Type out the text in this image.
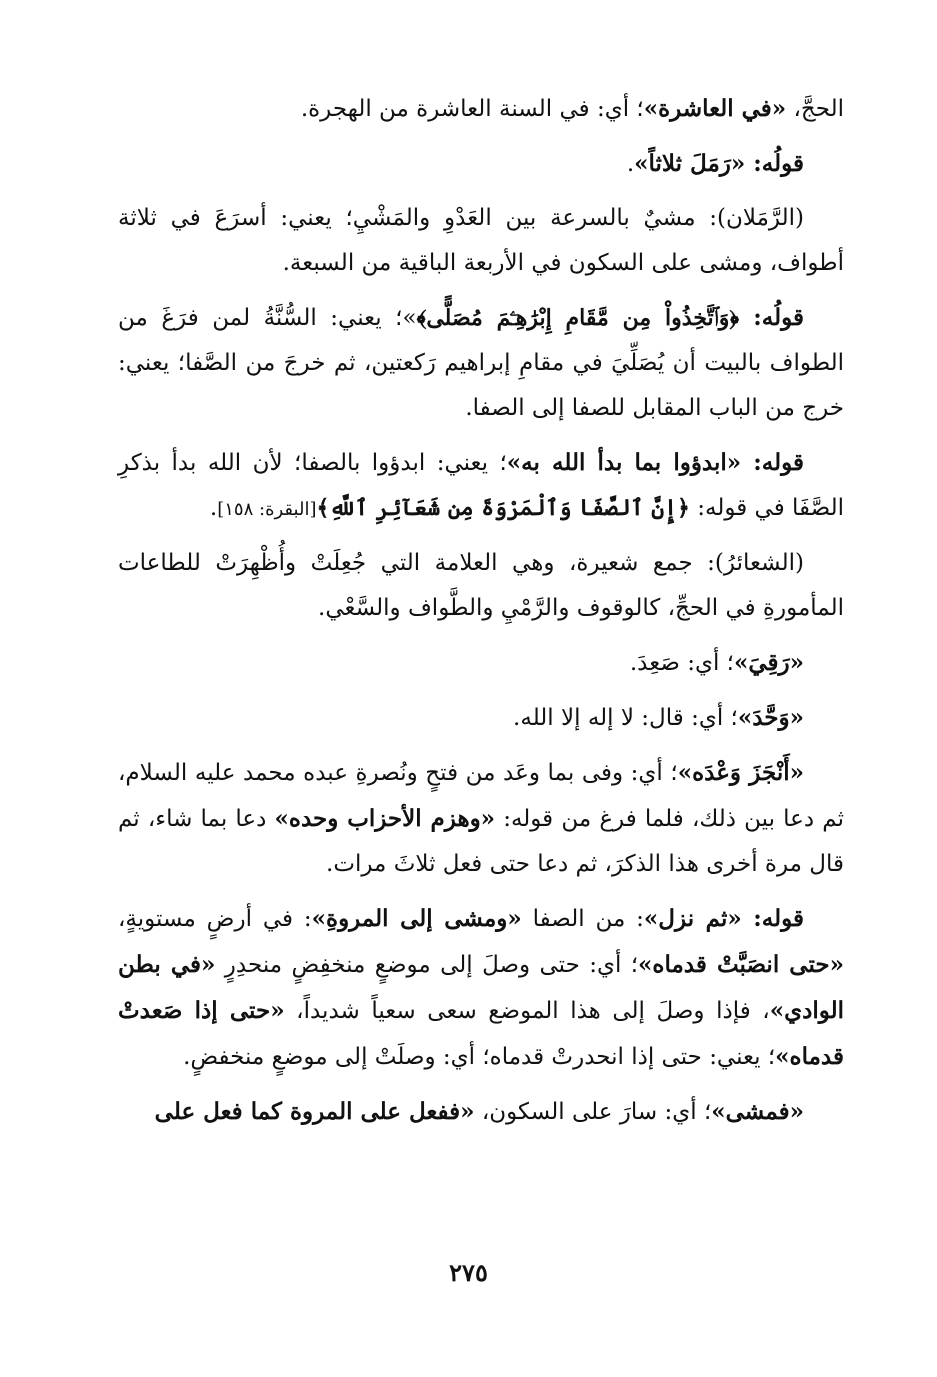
الحجَّ، «في العاشرة»؛ أي: في السنة العاشرة من الهجرة.

قولُه: «رَمَلَ ثلاثاً».

(الرَّمَلان): مشيٌ بالسرعة بين العَدْوِ والمَشْيِ؛ يعني: أسرَعَ في ثلاثة أطواف، ومشى على السكون في الأربعة الباقية من السبعة.

قولُه: ﴿وَٱتَّخِذُواْ مِن مَّقَامِ إِبْرَٰهِـۧمَ مُصَلًّى﴾»؛ يعني: السُّنَّةُ لمن فرَغَ من الطواف بالبيت أن يُصَلِّيَ في مقامِ إبراهيم رَكعتين، ثم خرجَ من الصَّفا؛ يعني: خرج من الباب المقابل للصفا إلى الصفا.

قوله: «ابدؤوا بما بدأ الله به»؛ يعني: ابدؤوا بالصفا؛ لأن الله بدأ بذكرِ الصَّفَا في قوله: ﴿إِنَّ ٱلصَّفَا وَٱلْمَرْوَةَ مِن شَعَآئِرِ ٱللَّهِ﴾[البقرة: ١٥٨].

(الشعائرُ): جمع شعيرة، وهي العلامة التي جُعِلَتْ وأُظْهِرَتْ للطاعات المأمورةِ في الحجِّ، كالوقوف والرَّمْيِ والطَّواف والسَّعْي.

«رَقِيَ»؛ أي: صَعِدَ.

«وَحَّدَ»؛ أي: قال: لا إله إلا الله.

«أَنْجَزَ وَعْدَه»؛ أي: وفى بما وعَد من فتحٍ ونُصرةِ عبده محمد عليه السلام، ثم دعا بين ذلك، فلما فرغ من قوله: «وهزم الأحزاب وحده» دعا بما شاء، ثم قال مرة أخرى هذا الذكرَ، ثم دعا حتى فعل ثلاثَ مرات.

قوله: «ثم نزل»: من الصفا «ومشى إلى المروةِ»: في أرضٍ مستويةٍ، «حتى انصَبَّتْ قدماه»؛ أي: حتى وصلَ إلى موضعٍ منخفِضٍ منحدِرٍ «في بطن الوادي»، فإذا وصلَ إلى هذا الموضع سعى سعياً شديداً، «حتى إذا صَعدتْ قدماه»؛ يعني: حتى إذا انحدرتْ قدماه؛ أي: وصلَتْ إلى موضعٍ منخفضٍ.

«فمشى»؛ أي: سارَ على السكون، «ففعل على المروة كما فعل على

٢٧٥
